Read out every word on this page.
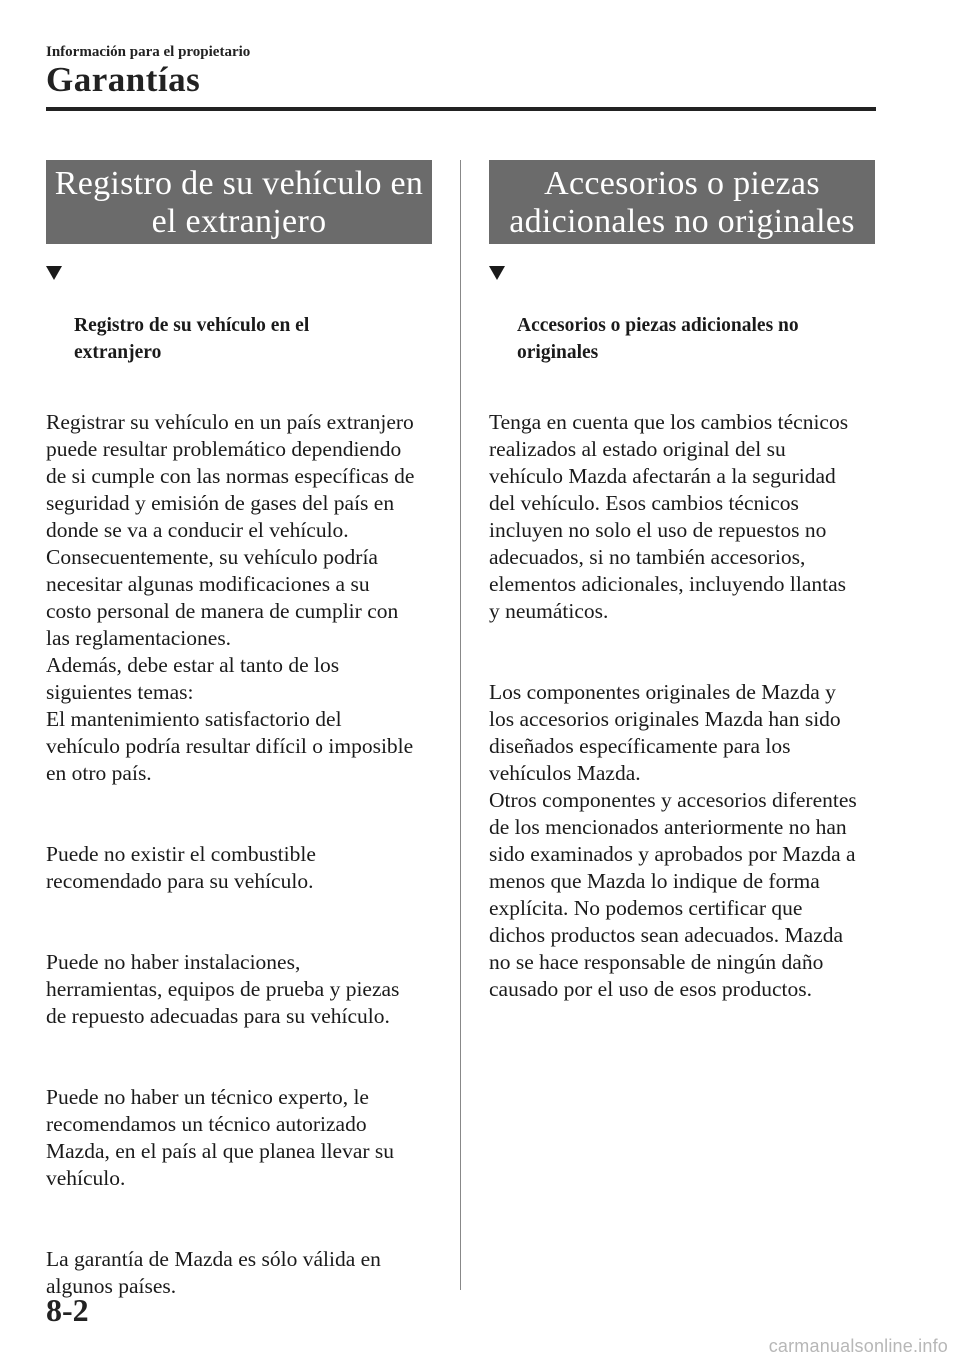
Información para el propietario
Garantías
Registro de su vehículo en
el extranjero

Registro de su vehículo en el
extranjero

Registrar su vehículo en un país extranjero
puede resultar problemático dependiendo
de si cumple con las normas específicas de
seguridad y emisión de gases del país en
donde se va a conducir el vehículo.
Consecuentemente, su vehículo podría
necesitar algunas modificaciones a su
costo personal de manera de cumplir con
las reglamentaciones.
Además, debe estar al tanto de los
siguientes temas:
El mantenimiento satisfactorio del
vehículo podría resultar difícil o imposible
en otro país.

Puede no existir el combustible
recomendado para su vehículo.

Puede no haber instalaciones,
herramientas, equipos de prueba y piezas
de repuesto adecuadas para su vehículo.

Puede no haber un técnico experto, le
recomendamos un técnico autorizado
Mazda, en el país al que planea llevar su
vehículo.

La garantía de Mazda es sólo válida en
algunos países.

Accesorios o piezas
adicionales no originales

Accesorios o piezas adicionales no
originales

Tenga en cuenta que los cambios técnicos
realizados al estado original del su
vehículo Mazda afectarán a la seguridad
del vehículo. Esos cambios técnicos
incluyen no solo el uso de repuestos no
adecuados, si no también accesorios,
elementos adicionales, incluyendo llantas
y neumáticos.

Los componentes originales de Mazda y
los accesorios originales Mazda han sido
diseñados específicamente para los
vehículos Mazda.
Otros componentes y accesorios diferentes
de los mencionados anteriormente no han
sido examinados y aprobados por Mazda a
menos que Mazda lo indique de forma
explícita. No podemos certificar que
dichos productos sean adecuados. Mazda
no se hace responsable de ningún daño
causado por el uso de esos productos.

8-2
carmanualsonline.info
